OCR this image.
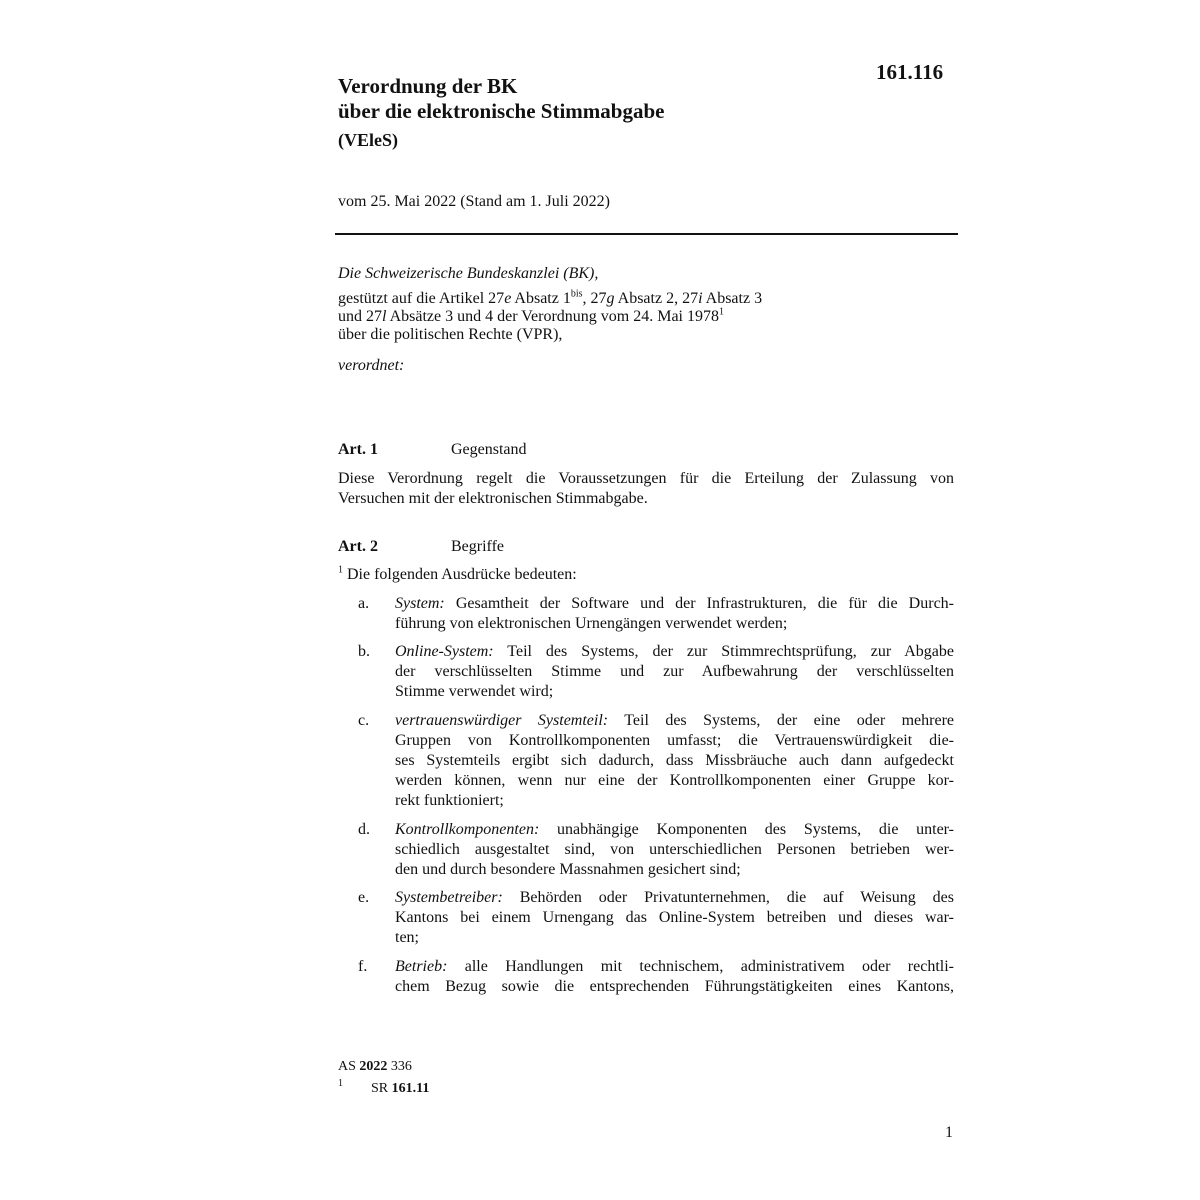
161.116
Verordnung der BK
über die elektronische Stimmabgabe
(VEleS)
vom 25. Mai 2022 (Stand am 1. Juli 2022)
Die Schweizerische Bundeskanzlei (BK),
gestützt auf die Artikel 27e Absatz $1^{bis}$, 27g Absatz 2, 27i Absatz 3
und 27l Absätze 3 und 4 der Verordnung vom 24. Mai 1978$^1$
über die politischen Rechte (VPR),
verordnet:
Art. 1	Gegenstand
Diese Verordnung regelt die Voraussetzungen für die Erteilung der Zulassung von
Versuchen mit der elektronischen Stimmabgabe.
Art. 2	Begriffe
$^1$ Die folgenden Ausdrücke bedeuten:
a. System: Gesamtheit der Software und der Infrastrukturen, die für die Durch-
führung von elektronischen Urnengängen verwendet werden;
b. Online-System: Teil des Systems, der zur Stimmrechtsprüfung, zur Abgabe
der verschlüsselten Stimme und zur Aufbewahrung der verschlüsselten
Stimme verwendet wird;
c. vertrauenswürdiger Systemteil: Teil des Systems, der eine oder mehrere
Gruppen von Kontrollkomponenten umfasst; die Vertrauenswürdigkeit die-
ses Systemteils ergibt sich dadurch, dass Missbräuche auch dann aufgedeckt
werden können, wenn nur eine der Kontrollkomponenten einer Gruppe kor-
rekt funktioniert;
d. Kontrollkomponenten: unabhängige Komponenten des Systems, die unter-
schiedlich ausgestaltet sind, von unterschiedlichen Personen betrieben wer-
den und durch besondere Massnahmen gesichert sind;
e. Systembetreiber: Behörden oder Privatunternehmen, die auf Weisung des
Kantons bei einem Urnengang das Online-System betreiben und dieses war-
ten;
f. Betrieb: alle Handlungen mit technischem, administrativem oder rechtli-
chem Bezug sowie die entsprechenden Führungstätigkeiten eines Kantons,
AS 2022 336
1 SR 161.11
1
